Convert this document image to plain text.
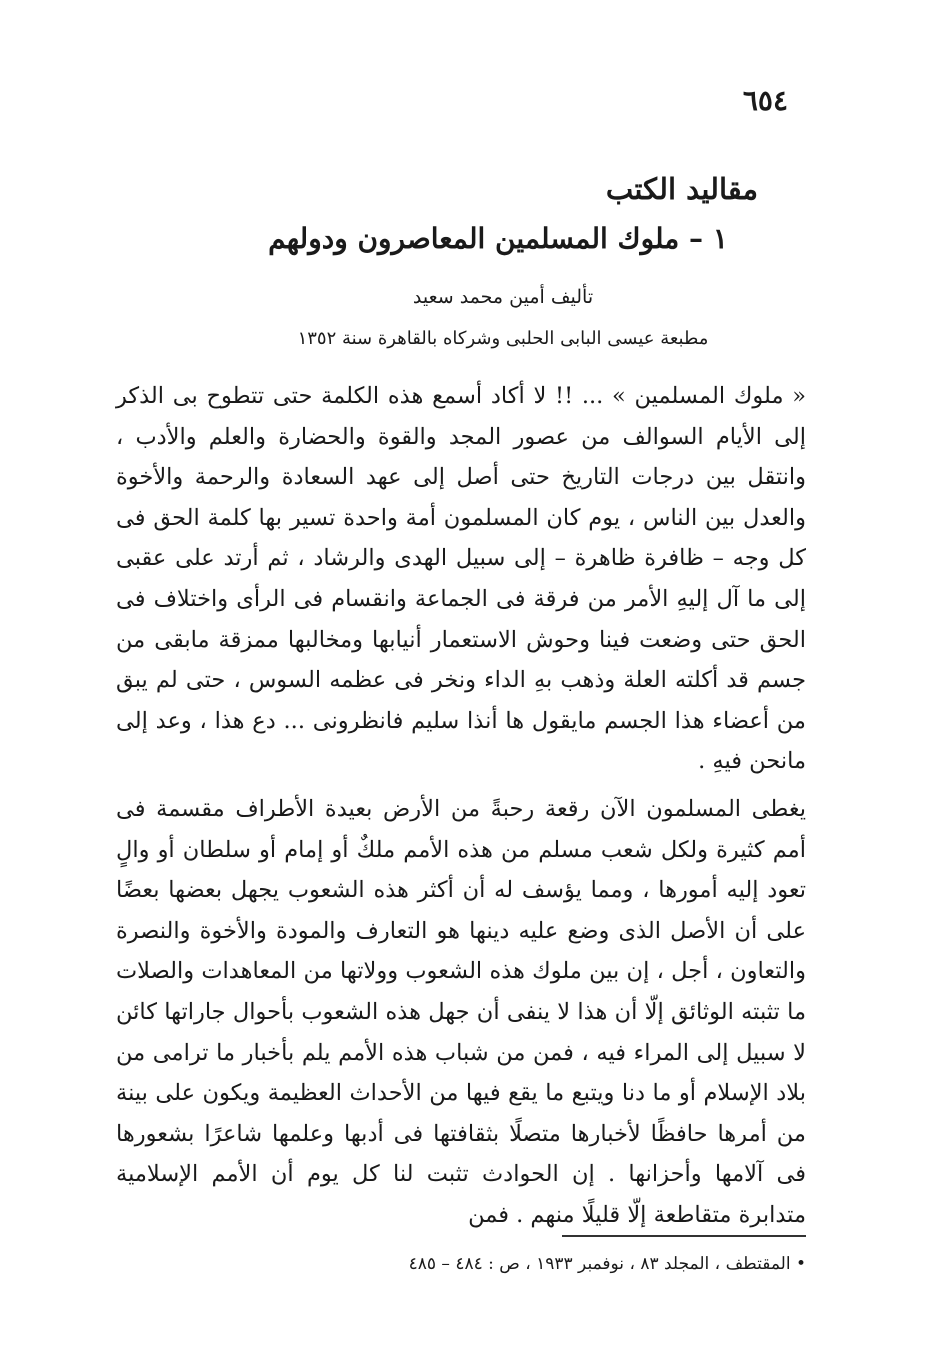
٦٥٤
مقاليد الكتب
١ – ملوك المسلمين المعاصرون ودولهم
تأليف أمين محمد سعيد
مطبعة عيسى البابى الحلبى وشركاه بالقاهرة سنة ١٣٥٢

« ملوك المسلمين » ... !! لا أكاد أسمع هذه الكلمة حتى تتطوح بى الذكر إلى الأيام السوالف من عصور المجد والقوة والحضارة والعلم والأدب ، وانتقل بين درجات التاريخ حتى أصل إلى عهد السعادة والرحمة والأخوة والعدل بين الناس ، يوم كان المسلمون أمة واحدة تسير بها كلمة الحق فى كل وجه – ظافرة ظاهرة – إلى سبيل الهدى والرشاد ، ثم أرتد على عقبى إلى ما آل إليهِ الأمر من فرقة فى الجماعة وانقسام فى الرأى واختلاف فى الحق حتى وضعت فينا وحوش الاستعمار أنيابها ومخالبها ممزقة مابقى من جسم قد أكلته العلة وذهب بهِ الداء ونخر فى عظمه السوس ، حتى لم يبق من أعضاء هذا الجسم مايقول ها أنذا سليم فانظرونى ... دع هذا ، وعد إلى مانحن فيهِ .

يغطى المسلمون الآن رقعة رحبةً من الأرض بعيدة الأطراف مقسمة فى أمم كثيرة ولكل شعب مسلم من هذه الأمم ملكٌ أو إمام أو سلطان أو والٍ تعود إليه أمورها ، ومما يؤسف له أن أكثر هذه الشعوب يجهل بعضها بعضًا على أن الأصل الذى وضع عليه دينها هو التعارف والمودة والأخوة والنصرة والتعاون ، أجل ، إن بين ملوك هذه الشعوب وولاتها من المعاهدات والصلات ما تثبته الوثائق إلّا أن هذا لا ينفى أن جهل هذه الشعوب بأحوال جاراتها كائن لا سبيل إلى المراء فيه ، فمن من شباب هذه الأمم يلم بأخبار ما ترامى من بلاد الإسلام أو ما دنا ويتبع ما يقع فيها من الأحداث العظيمة ويكون على بينة من أمرها حافظًا لأخبارها متصلًا بثقافتها فى أدبها وعلمها شاعرًا بشعورها فى آلامها وأحزانها . إن الحوادث تثبت لنا كل يوم أن الأمم الإسلامية متدابرة متقاطعة إلّا قليلًا منهم . فمن

• المقتطف ، المجلد ٨٣ ، نوفمبر ١٩٣٣ ، ص : ٤٨٤ – ٤٨٥
